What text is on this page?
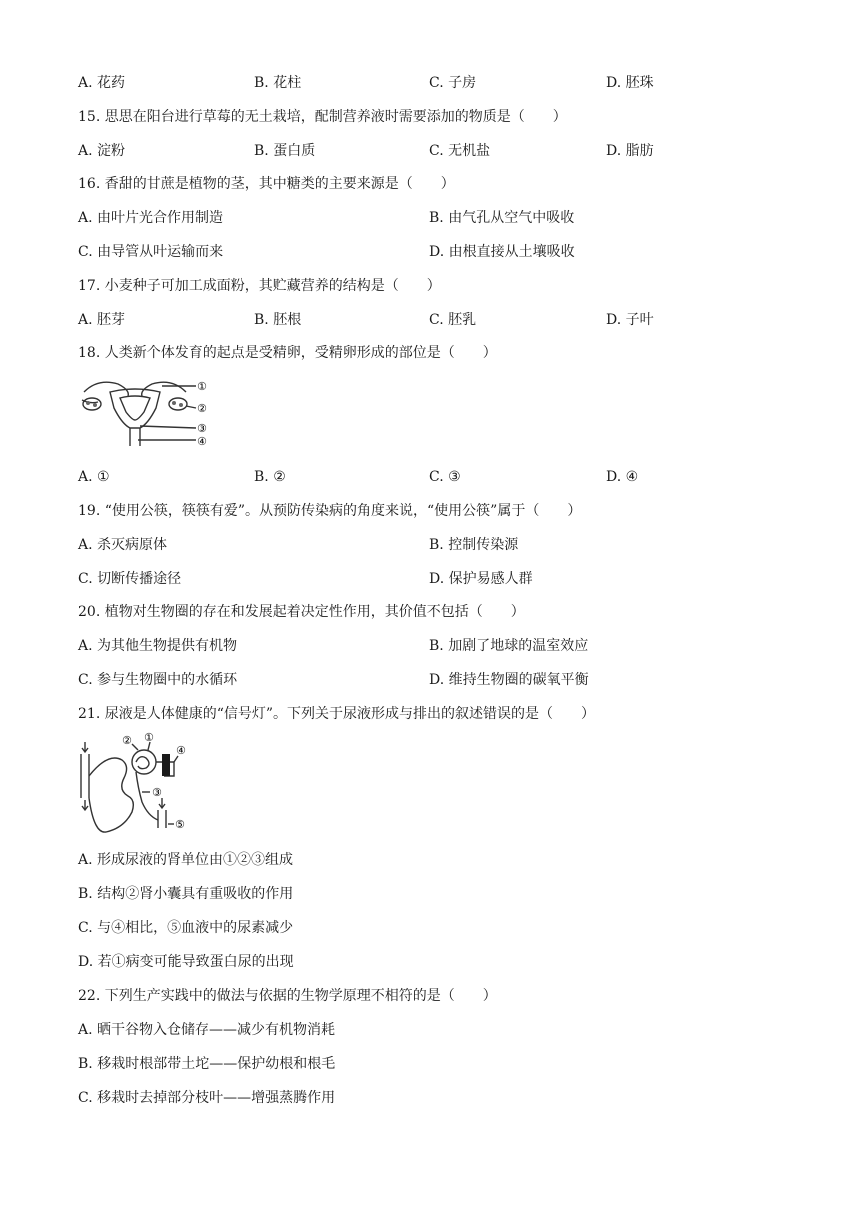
A. 花药	B. 花柱	C. 子房	D. 胚珠
15. 思思在阳台进行草莓的无土栽培，配制营养液时需要添加的物质是（　　）
A. 淀粉	B. 蛋白质	C. 无机盐	D. 脂肪
16. 香甜的甘蔗是植物的茎，其中糖类的主要来源是（　　）
A. 由叶片光合作用制造	B. 由气孔从空气中吸收
C. 由导管从叶运输而来	D. 由根直接从土壤吸收
17. 小麦种子可加工成面粉，其贮藏营养的结构是（　　）
A. 胚芽	B. 胚根	C. 胚乳	D. 子叶
18. 人类新个体发育的起点是受精卵，受精卵形成的部位是（　　）
①
②
③
④
A. ①	B. ②	C. ③	D. ④
19. “使用公筷，筷筷有爱”。从预防传染病的角度来说，“使用公筷”属于（　　）
A. 杀灭病原体	B. 控制传染源
C. 切断传播途径	D. 保护易感人群
20. 植物对生物圈的存在和发展起着决定性作用，其价值不包括（　　）
A. 为其他生物提供有机物	B. 加剧了地球的温室效应
C. 参与生物圈中的水循环	D. 维持生物圈的碳氧平衡
21. 尿液是人体健康的“信号灯”。下列关于尿液形成与排出的叙述错误的是（　　）
② ①
④
③
⑤
A. 形成尿液的肾单位由①②③组成
B. 结构②肾小囊具有重吸收的作用
C. 与④相比，⑤血液中的尿素减少
D. 若①病变可能导致蛋白尿的出现
22. 下列生产实践中的做法与依据的生物学原理不相符的是（　　）
A. 晒干谷物入仓储存——减少有机物消耗
B. 移栽时根部带土坨——保护幼根和根毛
C. 移栽时去掉部分枝叶——增强蒸腾作用
